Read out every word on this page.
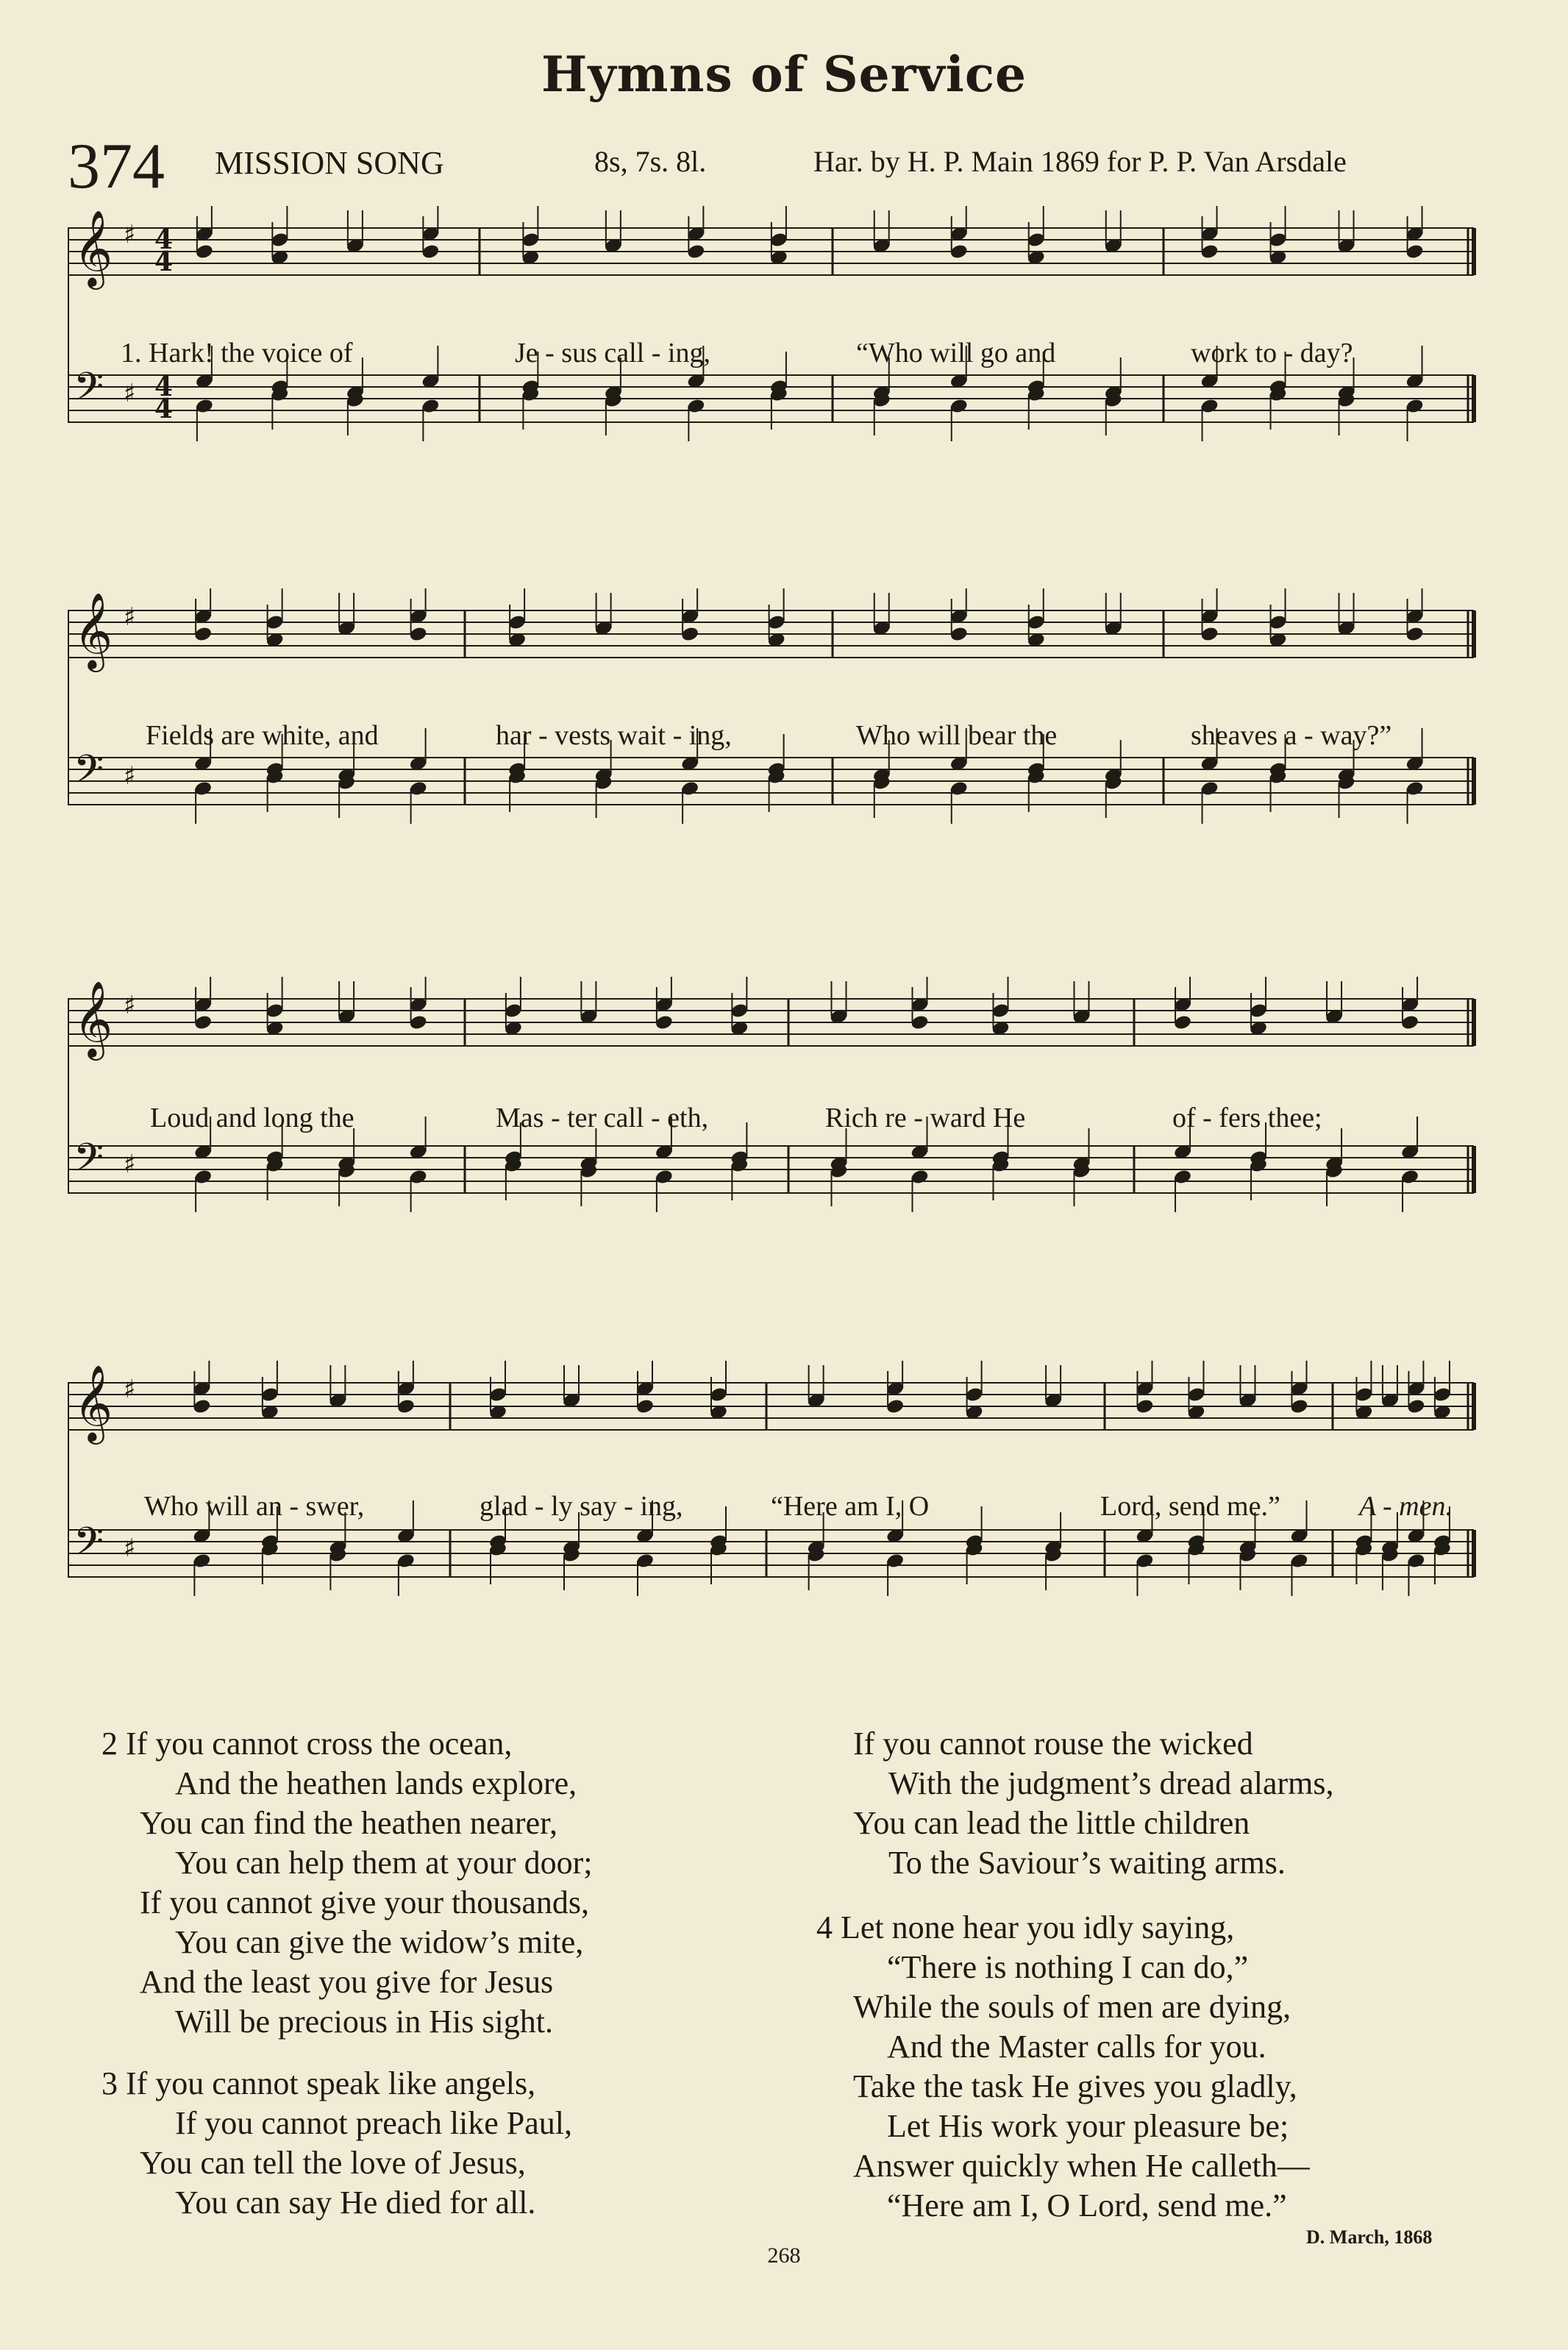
Hymns of Service
374 MISSION SONG	8s, 7s. 8l.	Har. by H. P. Main 1869 for P. P. Van Arsdale
𝄞 ♯
𝄢 ♯
4
4
4
4
1. Hark! the voice of	Je - sus call - ing,	“Who will go and	work to - day?
𝄞 ♯
𝄢 ♯
Fields are white, and	har - vests wait - ing,	Who will bear the	sheaves a - way?”
𝄞 ♯
𝄢 ♯
Loud and long the	Mas - ter call - eth,	Rich re - ward He	of - fers thee;
𝄞 ♯
𝄢 ♯
Who will an - swer,	glad - ly say - ing,	“Here am I, O	Lord, send me.”	A - men.
2 If you cannot cross the ocean,
And the heathen lands explore,
You can find the heathen nearer,
You can help them at your door;
If you cannot give your thousands,
You can give the widow’s mite,
And the least you give for Jesus
Will be precious in His sight.
3 If you cannot speak like angels,
If you cannot preach like Paul,
You can tell the love of Jesus,
You can say He died for all.
If you cannot rouse the wicked
With the judgment’s dread alarms,
You can lead the little children
To the Saviour’s waiting arms.
4 Let none hear you idly saying,
“There is nothing I can do,”
While the souls of men are dying,
And the Master calls for you.
Take the task He gives you gladly,
Let His work your pleasure be;
Answer quickly when He calleth—
“Here am I, O Lord, send me.”
D. March, 1868
268
